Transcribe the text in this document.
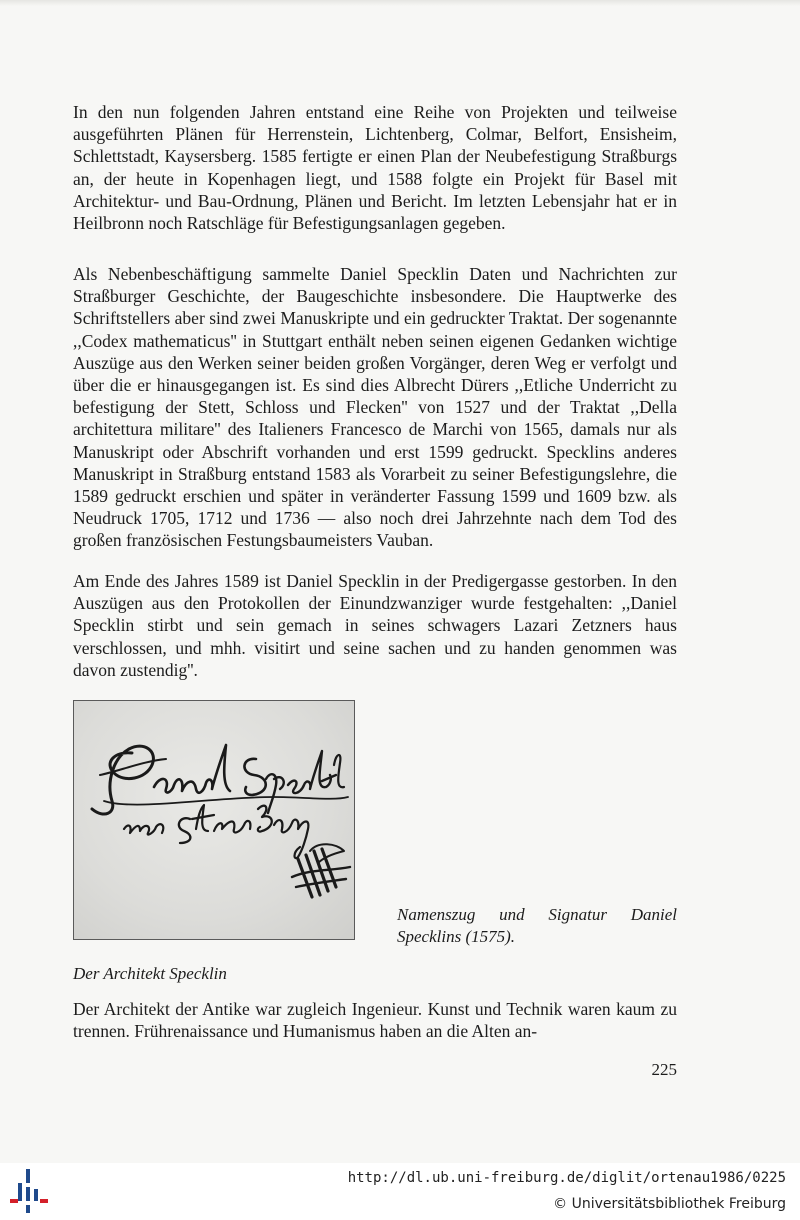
In den nun folgenden Jahren entstand eine Reihe von Projekten und teilweise ausgeführten Plänen für Herrenstein, Lichtenberg, Colmar, Belfort, Ensisheim, Schlettstadt, Kaysersberg. 1585 fertigte er einen Plan der Neubefestigung Straßburgs an, der heute in Kopenhagen liegt, und 1588 folgte ein Projekt für Basel mit Architektur- und Bau-Ordnung, Plänen und Bericht. Im letzten Lebensjahr hat er in Heilbronn noch Ratschläge für Befestigungsanlagen gegeben.

Als Nebenbeschäftigung sammelte Daniel Specklin Daten und Nachrichten zur Straßburger Geschichte, der Baugeschichte insbesondere. Die Hauptwerke des Schriftstellers aber sind zwei Manuskripte und ein gedruckter Traktat. Der sogenannte ,,Codex mathematicus'' in Stuttgart enthält neben seinen eigenen Gedanken wichtige Auszüge aus den Werken seiner beiden großen Vorgänger, deren Weg er verfolgt und über die er hinausgegangen ist. Es sind dies Albrecht Dürers ,,Etliche Underricht zu befestigung der Stett, Schloss und Flecken'' von 1527 und der Traktat ,,Della architettura militare'' des Italieners Francesco de Marchi von 1565, damals nur als Manuskript oder Abschrift vorhanden und erst 1599 gedruckt. Specklins anderes Manuskript in Straßburg entstand 1583 als Vorarbeit zu seiner Befestigungslehre, die 1589 gedruckt erschien und später in veränderter Fassung 1599 und 1609 bzw. als Neudruck 1705, 1712 und 1736 — also noch drei Jahrzehnte nach dem Tod des großen französischen Festungsbaumeisters Vauban.

Am Ende des Jahres 1589 ist Daniel Specklin in der Predigergasse gestorben. In den Auszügen aus den Protokollen der Einundzwanziger wurde festgehalten: ,,Daniel Specklin stirbt und sein gemach in seines schwagers Lazari Zetzners haus verschlossen, und mhh. visitirt und seine sachen und zu handen genommen was davon zustendig''.

Namenszug und Signatur Daniel Specklins (1575).

Der Architekt Specklin

Der Architekt der Antike war zugleich Ingenieur. Kunst und Technik waren kaum zu trennen. Frührenaissance und Humanismus haben an die Alten an-

225
http://dl.ub.uni-freiburg.de/diglit/ortenau1986/0225
© Universitätsbibliothek Freiburg
